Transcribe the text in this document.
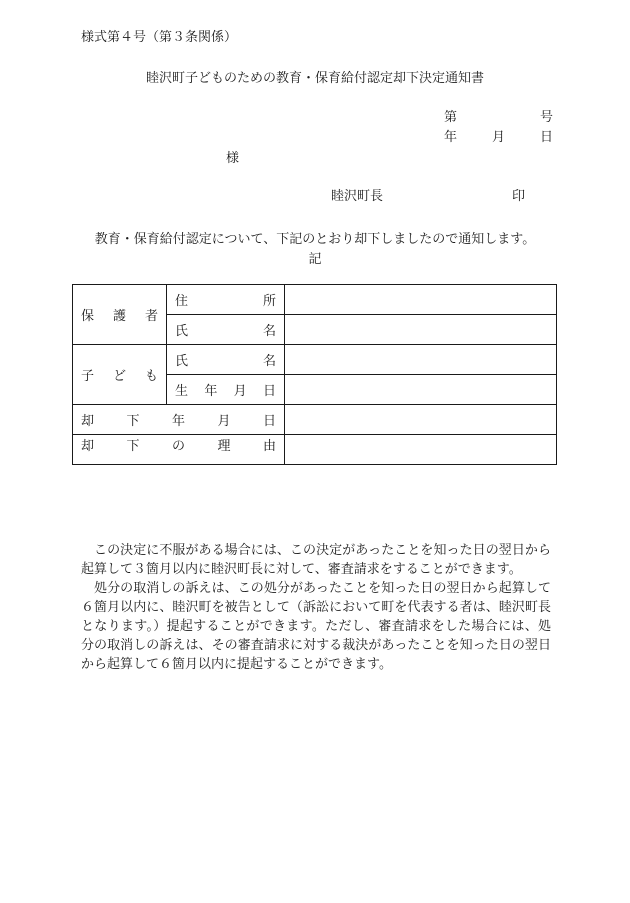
様式第４号（第３条関係）
睦沢町子どものための教育・保育給付認定却下決定通知書
第	号
年	月	日
様
睦沢町長	印
教育・保育給付認定について、下記のとおり却下しましたので通知します。
記
保 護 者	住 所	

	氏 名	

子 ど も	氏 名	

	生 年 月 日	

却 下 年 月 日		

却 下 の 理 由		

この決定に不服がある場合には、この決定があったことを知った日の翌日から起算して３箇月以内に睦沢町長に対して、審査請求をすることができます。

処分の取消しの訴えは、この処分があったことを知った日の翌日から起算して６箇月以内に、睦沢町を被告として（訴訟において町を代表する者は、睦沢町長となります。）提起することができます。ただし、審査請求をした場合には、処分の取消しの訴えは、その審査請求に対する裁決があったことを知った日の翌日から起算して６箇月以内に提起することができます。
